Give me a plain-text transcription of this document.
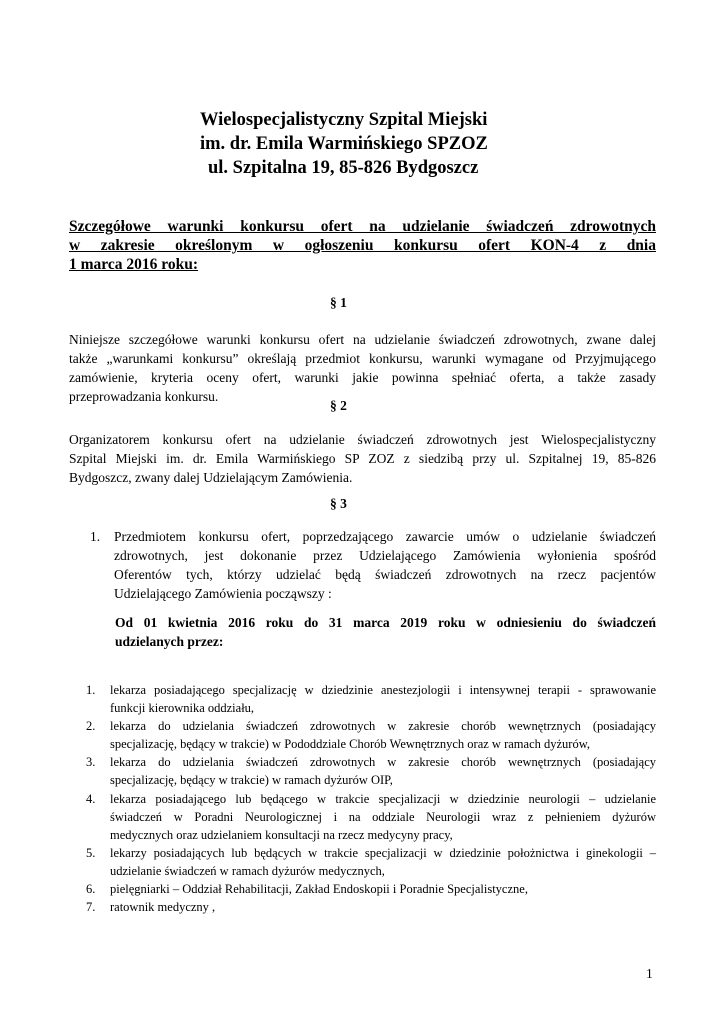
Wielospecjalistyczny Szpital Miejski
im. dr. Emila Warmińskiego SPZOZ
ul. Szpitalna 19, 85-826 Bydgoszcz
Szczegółowe warunki konkursu ofert na udzielanie świadczeń zdrowotnych
w zakresie określonym w ogłoszeniu konkursu ofert KON-4 z dnia
1 marca 2016 roku:
§ 1
Niniejsze szczegółowe warunki konkursu ofert na udzielanie świadczeń zdrowotnych, zwane dalej
także „warunkami konkursu” określają przedmiot konkursu, warunki wymagane od Przyjmującego
zamówienie, kryteria oceny ofert, warunki jakie powinna spełniać oferta, a także zasady
przeprowadzania konkursu.
§ 2
Organizatorem konkursu ofert na udzielanie świadczeń zdrowotnych jest Wielospecjalistyczny
Szpital Miejski im. dr. Emila Warmińskiego SP ZOZ z siedzibą przy ul. Szpitalnej 19, 85-826
Bydgoszcz, zwany dalej Udzielającym Zamówienia.
§ 3
1. Przedmiotem konkursu ofert, poprzedzającego zawarcie umów o udzielanie świadczeń
zdrowotnych, jest dokonanie przez Udzielającego Zamówienia wyłonienia spośród
Oferentów tych, którzy udzielać będą świadczeń zdrowotnych na rzecz pacjentów
Udzielającego Zamówienia począwszy :
Od 01 kwietnia 2016 roku do 31 marca 2019 roku w odniesieniu do świadczeń
udzielanych przez:
1. lekarza posiadającego specjalizację w dziedzinie anestezjologii i intensywnej terapii - sprawowanie
funkcji kierownika oddziału,
2. lekarza do udzielania świadczeń zdrowotnych w zakresie chorób wewnętrznych (posiadający
specjalizację, będący w trakcie) w Pododdziale Chorób Wewnętrznych oraz w ramach dyżurów,
3. lekarza do udzielania świadczeń zdrowotnych w zakresie chorób wewnętrznych (posiadający
specjalizację, będący w trakcie) w ramach dyżurów OIP,
4. lekarza posiadającego lub będącego w trakcie specjalizacji w dziedzinie neurologii – udzielanie
świadczeń w Poradni Neurologicznej i na oddziale Neurologii wraz z pełnieniem dyżurów
medycznych oraz udzielaniem konsultacji na rzecz medycyny pracy,
5. lekarzy posiadających lub będących w trakcie specjalizacji w dziedzinie położnictwa i ginekologii –
udzielanie świadczeń w ramach dyżurów medycznych,
6. pielęgniarki – Oddział Rehabilitacji, Zakład Endoskopii i Poradnie Specjalistyczne,
7. ratownik medyczny ,
1
